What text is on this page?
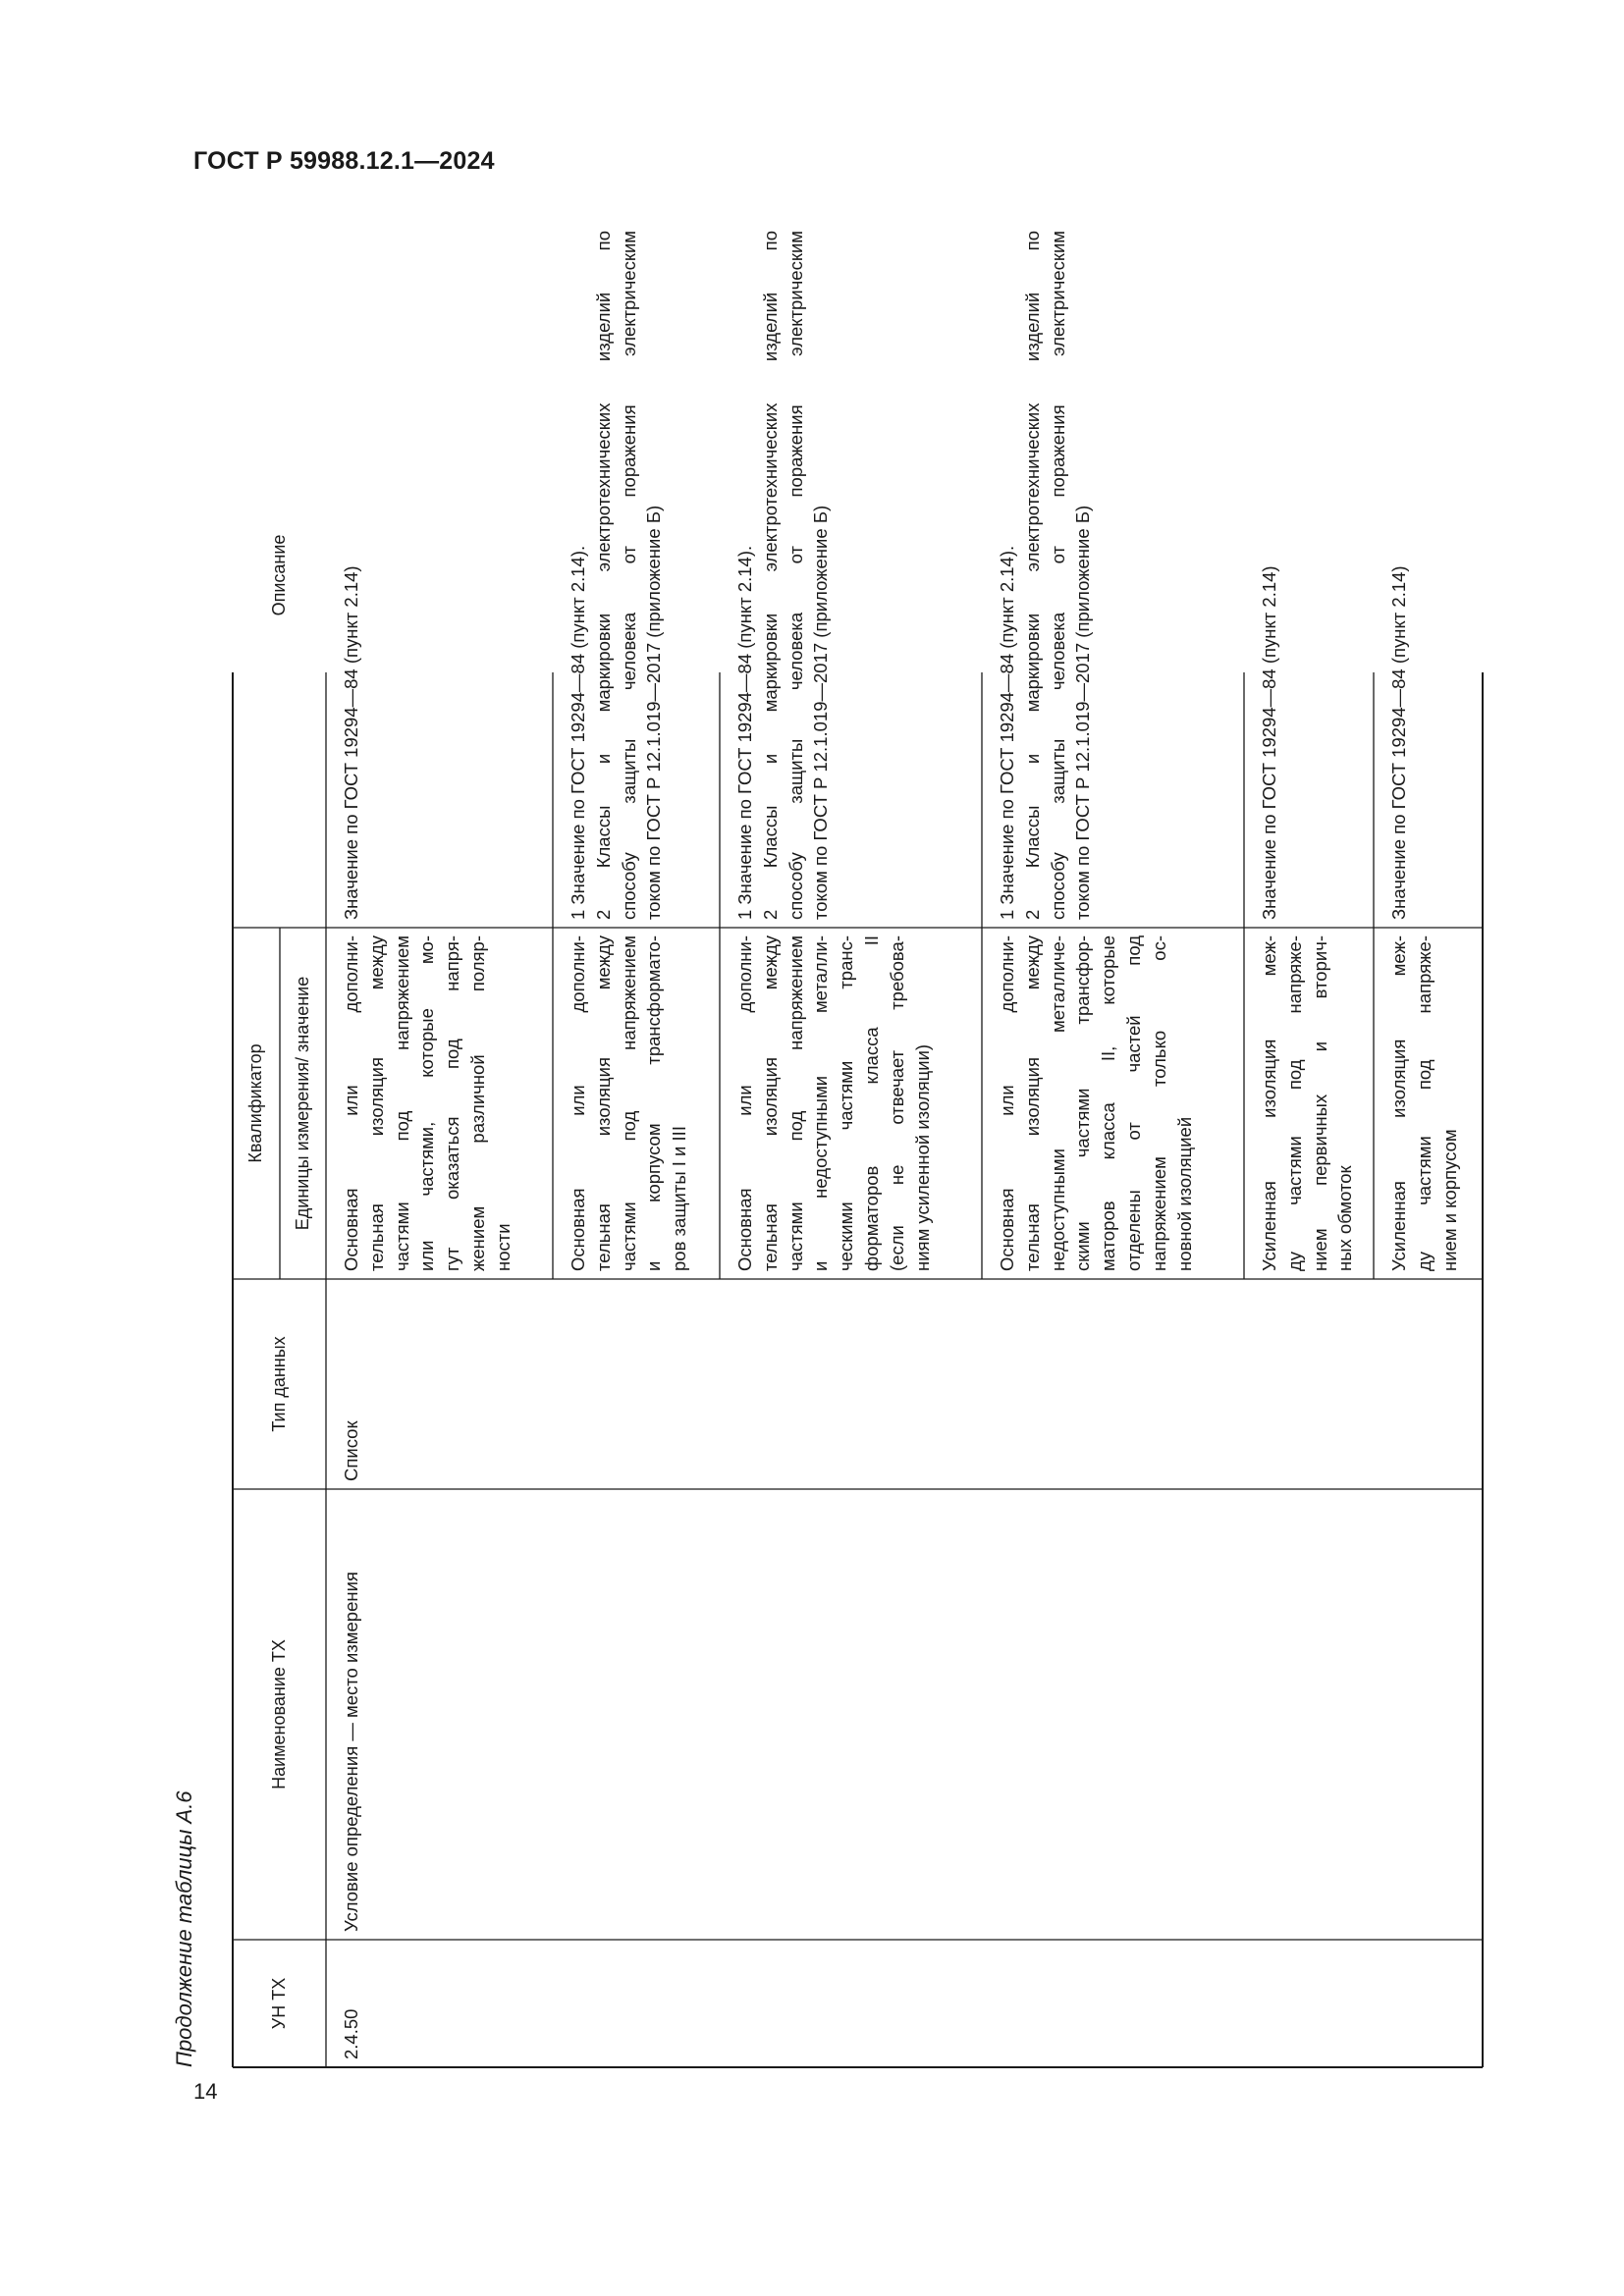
ГОСТ Р 59988.12.1—2024
14
Продолжение таблицы А.6	УН ТХ
Наименование ТХ
Тип данных
Квалификатор	Единицы измерения/ значение
Описание
2.4.50
Условие определения — место измерения
Список
Основная или дополни- тельная изоляция между частями под напряжением или частями, которые мо- гут оказаться под напря- жением различной поляр- ности
Значение по ГОСТ 19294—84 (пункт 2.14)
Основная или дополни- тельная изоляция между частями под напряжением и корпусом трансформато- ров защиты I и III
1 Значение по ГОСТ 19294—84 (пункт 2.14). 2 Классы и маркировки электротехнических изделий по способу защиты человека от поражения электрическим током по ГОСТ Р 12.1.019—2017 (приложение Б)
Основная или дополни- тельная изоляция между частями под напряжением и недоступными металли- ческими частями транс- форматоров класса II (если не отвечает требова- ниям усиленной изоляции)
1 Значение по ГОСТ 19294—84 (пункт 2.14). 2 Классы и маркировки электротехнических изделий по способу защиты человека от поражения электрическим током по ГОСТ Р 12.1.019—2017 (приложение Б)
Основная или дополни- тельная изоляция между недоступными металличе- скими частями трансфор- маторов класса II, которые отделены от частей под напряжением только ос- новной изоляцией
1 Значение по ГОСТ 19294—84 (пункт 2.14). 2 Классы и маркировки электротехнических изделий по способу защиты человека от поражения электрическим током по ГОСТ Р 12.1.019—2017 (приложение Б)
Усиленная изоляция меж- ду частями под напряже- нием первичных и вторич- ных обмоток
Значение по ГОСТ 19294—84 (пункт 2.14)
Усиленная изоляция меж- ду частями под напряже- нием и корпусом
Значение по ГОСТ 19294—84 (пункт 2.14)
